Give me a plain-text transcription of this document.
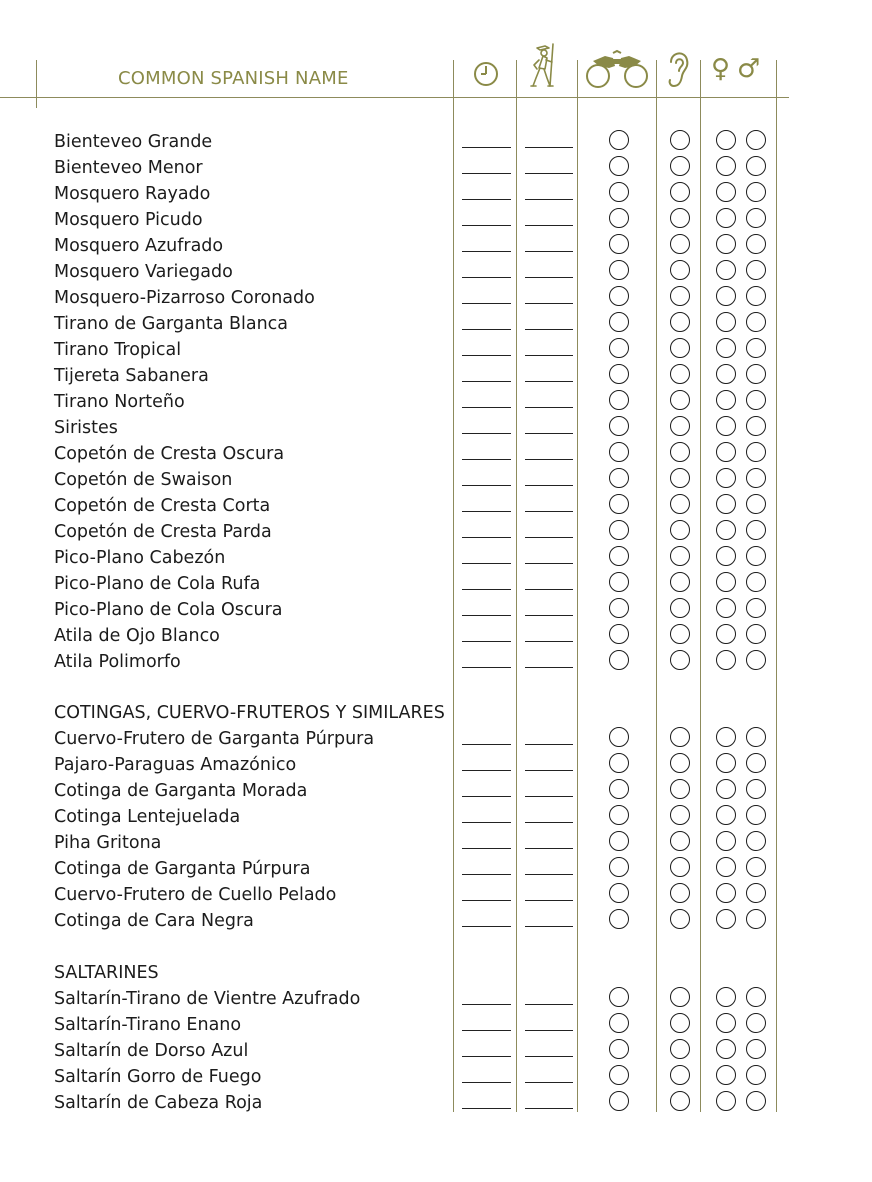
COMMON SPANISH NAME	♀ ♂
Bienteveo Grande
Bienteveo Menor
Mosquero Rayado
Mosquero Picudo
Mosquero Azufrado
Mosquero Variegado
Mosquero-Pizarroso Coronado
Tirano de Garganta Blanca
Tirano Tropical
Tijereta Sabanera
Tirano Norteño
Siristes
Copetón de Cresta Oscura
Copetón de Swaison
Copetón de Cresta Corta
Copetón de Cresta Parda
Pico-Plano Cabezón
Pico-Plano de Cola Rufa
Pico-Plano de Cola Oscura
Atila de Ojo Blanco
Atila Polimorfo
COTINGAS, CUERVO-FRUTEROS Y SIMILARES
Cuervo-Frutero de Garganta Púrpura
Pajaro-Paraguas Amazónico
Cotinga de Garganta Morada
Cotinga Lentejuelada
Piha Gritona
Cotinga de Garganta Púrpura
Cuervo-Frutero de Cuello Pelado
Cotinga de Cara Negra
SALTARINES
Saltarín-Tirano de Vientre Azufrado
Saltarín-Tirano Enano
Saltarín de Dorso Azul
Saltarín Gorro de Fuego
Saltarín de Cabeza Roja
